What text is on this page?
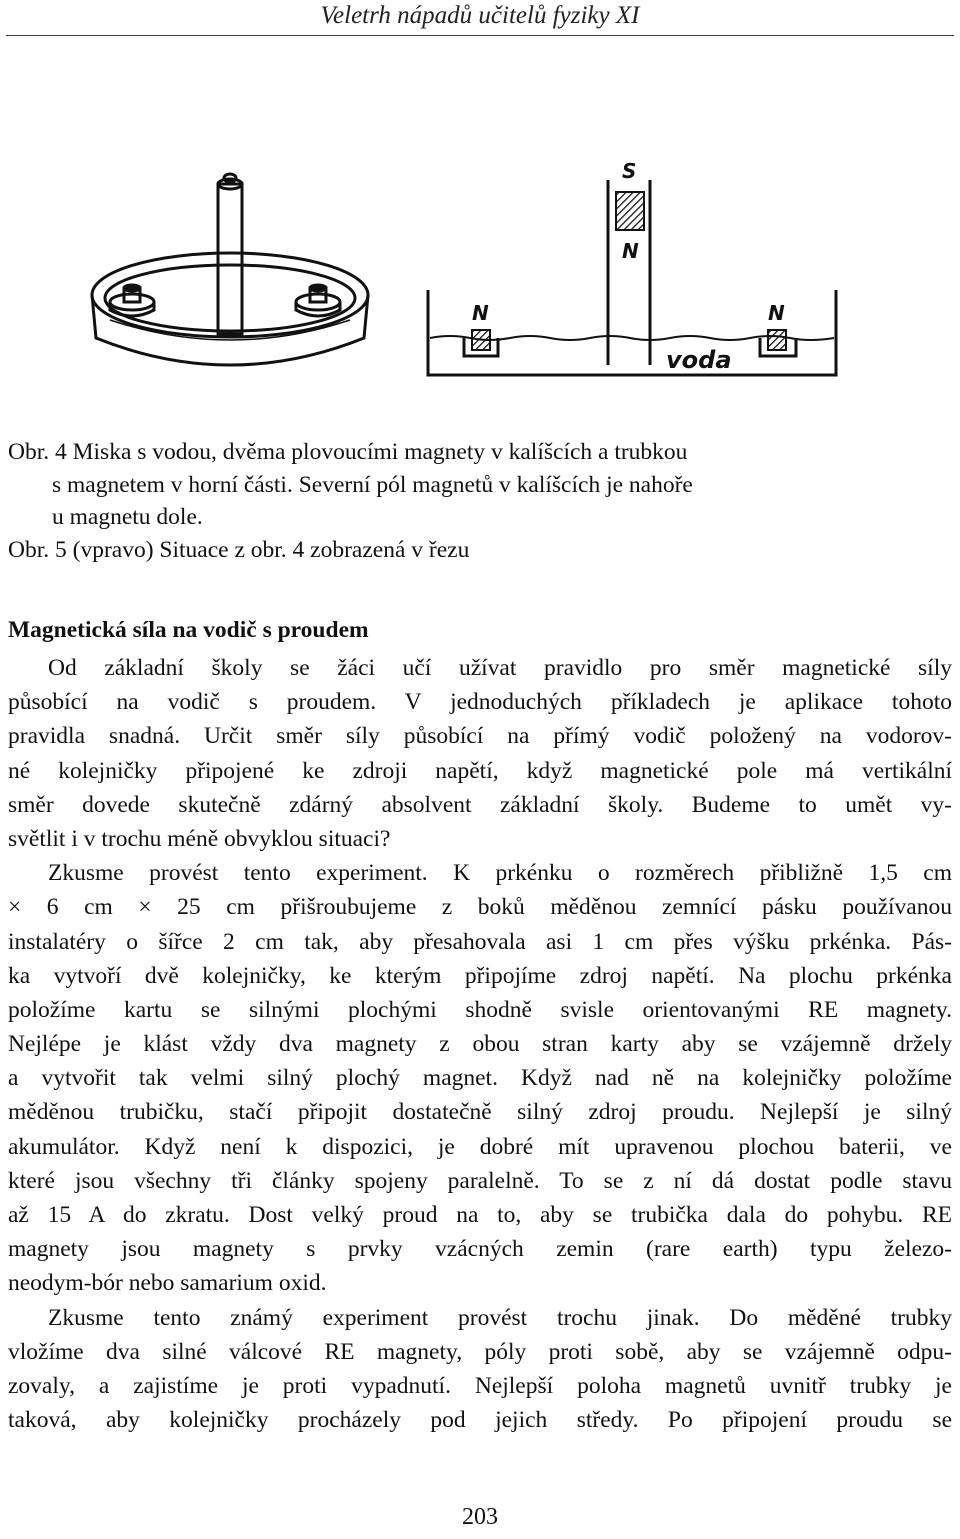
Veletrh nápadů učitelů fyziky XI
S
N
N	N
voda
Obr. 4 Miska s vodou, dvěma plovoucími magnety v kalíšcích a trubkou
s magnetem v horní části. Severní pól magnetů v kalíšcích je nahoře
u magnetu dole.
Obr. 5 (vpravo) Situace z obr. 4 zobrazená v řezu
Magnetická síla na vodič s proudem
Od základní školy se žáci učí užívat pravidlo pro směr magnetické síly
působící na vodič s proudem. V jednoduchých příkladech je aplikace tohoto
pravidla snadná. Určit směr síly působící na přímý vodič položený na vodorov-
né kolejničky připojené ke zdroji napětí, když magnetické pole má vertikální
směr dovede skutečně zdárný absolvent základní školy. Budeme to umět vy-
světlit i v trochu méně obvyklou situaci?
Zkusme provést tento experiment. K prkénku o rozměrech přibližně 1,5 cm
× 6 cm × 25 cm přišroubujeme z boků měděnou zemnící pásku používanou
instalatéry o šířce 2 cm tak, aby přesahovala asi 1 cm přes výšku prkénka. Pás-
ka vytvoří dvě kolejničky, ke kterým připojíme zdroj napětí. Na plochu prkénka
položíme kartu se silnými plochými shodně svisle orientovanými RE magnety.
Nejlépe je klást vždy dva magnety z obou stran karty aby se vzájemně držely
a vytvořit tak velmi silný plochý magnet. Když nad ně na kolejničky položíme
měděnou trubičku, stačí připojit dostatečně silný zdroj proudu. Nejlepší je silný
akumulátor. Když není k dispozici, je dobré mít upravenou plochou baterii, ve
které jsou všechny tři články spojeny paralelně. To se z ní dá dostat podle stavu
až 15 A do zkratu. Dost velký proud na to, aby se trubička dala do pohybu. RE
magnety jsou magnety s prvky vzácných zemin (rare earth) typu železo-
neodym-bór nebo samarium oxid.
Zkusme tento známý experiment provést trochu jinak. Do měděné trubky
vložíme dva silné válcové RE magnety, póly proti sobě, aby se vzájemně odpu-
zovaly, a zajistíme je proti vypadnutí. Nejlepší poloha magnetů uvnitř trubky je
taková, aby kolejničky procházely pod jejich středy. Po připojení proudu se
203
